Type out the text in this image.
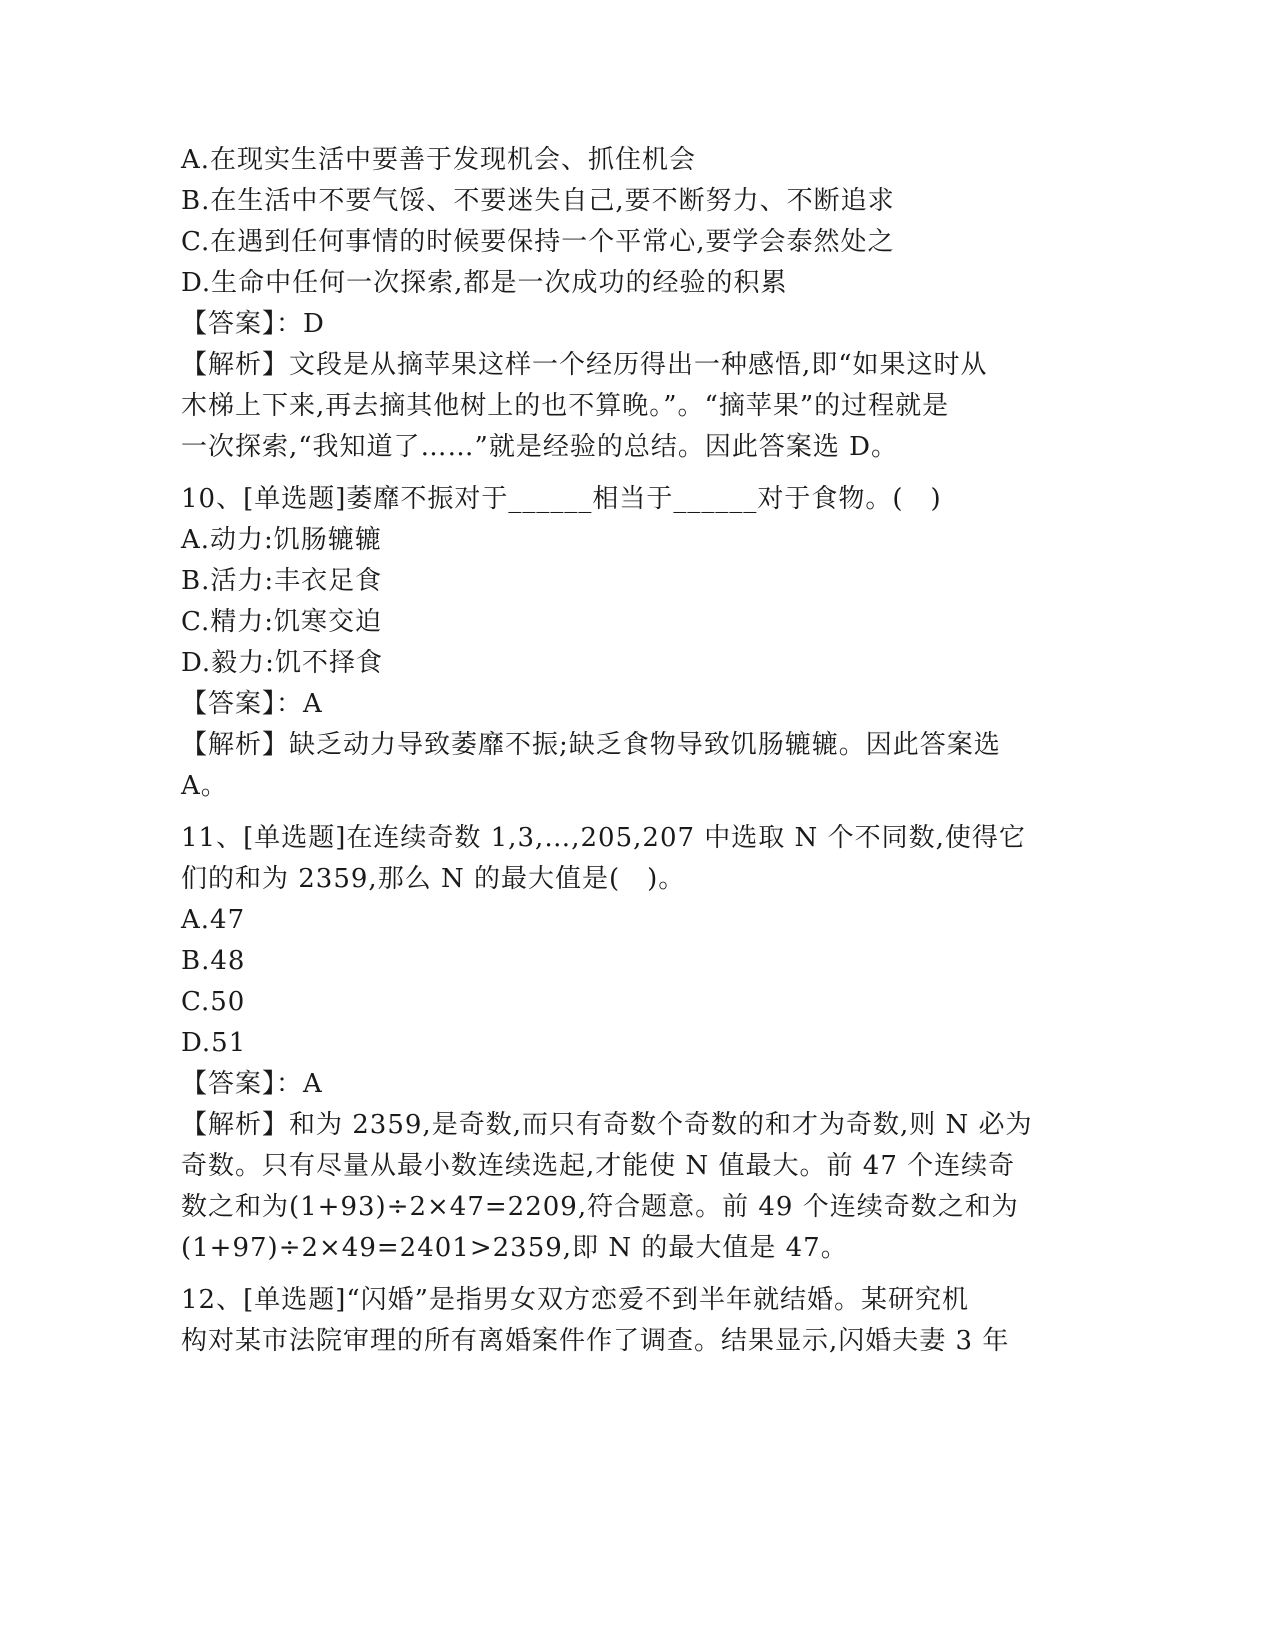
A.在现实生活中要善于发现机会、抓住机会
B.在生活中不要气馁、不要迷失自己,要不断努力、不断追求
C.在遇到任何事情的时候要保持一个平常心,要学会泰然处之
D.生命中任何一次探索,都是一次成功的经验的积累
【答案】：D
【解析】文段是从摘苹果这样一个经历得出一种感悟,即“如果这时从
木梯上下来,再去摘其他树上的也不算晚。”。“摘苹果”的过程就是
一次探索,“我知道了……”就是经验的总结。因此答案选 D。
10、[单选题]萎靡不振对于______相当于______对于食物。(　)
A.动力:饥肠辘辘
B.活力:丰衣足食
C.精力:饥寒交迫
D.毅力:饥不择食
【答案】：A
【解析】缺乏动力导致萎靡不振;缺乏食物导致饥肠辘辘。因此答案选
A。
11、[单选题]在连续奇数 1,3,…,205,207 中选取 N 个不同数,使得它
们的和为 2359,那么 N 的最大值是(　)。
A.47
B.48
C.50
D.51
【答案】：A
【解析】和为 2359,是奇数,而只有奇数个奇数的和才为奇数,则 N 必为
奇数。只有尽量从最小数连续选起,才能使 N 值最大。前 47 个连续奇
数之和为(1+93)÷2×47=2209,符合题意。前 49 个连续奇数之和为
(1+97)÷2×49=2401>2359,即 N 的最大值是 47。
12、[单选题]“闪婚”是指男女双方恋爱不到半年就结婚。某研究机
构对某市法院审理的所有离婚案件作了调查。结果显示,闪婚夫妻 3 年
